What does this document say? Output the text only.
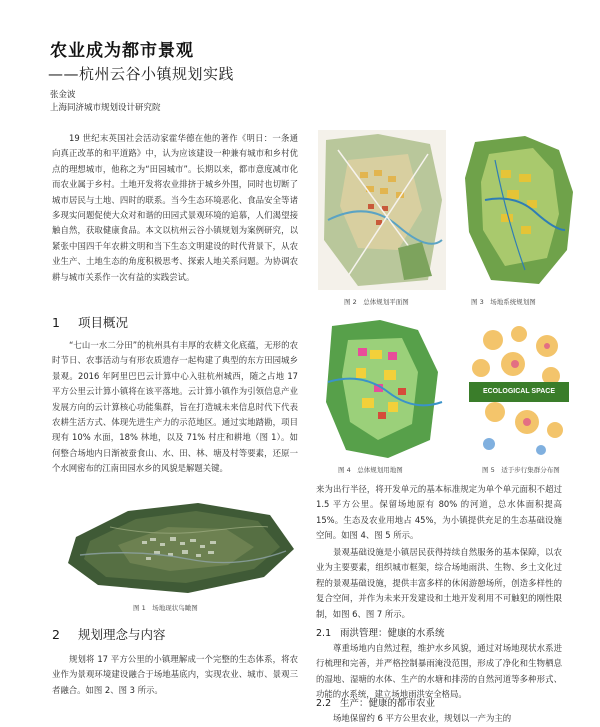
农业成为都市景观
——杭州云谷小镇规划实践
张金波
上海同济城市规划设计研究院
19 世纪末英国社会活动家霍华德在他的著作《明日：一条通向真正改革的和平道路》中，认为应该建设一种兼有城市和乡村优点的理想城市，他称之为“田园城市”。长期以来，都市意度减市化而农业属于乡村。土地开发将农业排挤于城乡外围，同时也切断了城市居民与土地、四时的联系。当今生态环境恶化、食品安全等诸多现实问题促使大众对和谐的田园式景观环境的追慕，人们渴望接触自然，获取健康食品。本文以杭州云谷小镇规划为案例研究，以紧张中国四千年农耕文明和当下生态文明建设的时代背景下，从农业生产、土地生态的角度积极思考、探索人地关系问题。为协调农耕与城市关系作一次有益的实践尝试。
1 项目概况
“七山一水二分田”的杭州具有丰厚的农耕文化底蕴，无形的农时节日、农事活动与有形农质遗存一起构建了典型的东方田园城乡景观。2016 年阿里巴巴云计算中心入驻杭州城西，随之占地 17 平方公里云计算小镇将在该平落地。云计算小镇作为引领信息产业发展方向的云计算核心功能集群，旨在打造城未来信息时代下代表农耕生活方式、体现先进生产力的示范地区。通过实地踏勘，项目现有 10% 水面，18% 林地，以及 71% 村庄和耕地（图 1）。如何整合场地内日渐被蚕食山、水、田、林、塘及村等要素，还原一个水网密布的江南田园水乡的风貌是解题关键。
图 1　场地现状鸟瞰图
2 规划理念与内容
规划将 17 平方公里的小镇理解成一个完整的生态体系，将农业作为景观环境建设融合于场地基底内，实现农业、城市、景观三者融合。如图 2、图 3 所示。
图 2　总体规划平面图	图 3　场地系统规划图
图 4　总体规划用地图
ECOLOGICAL SPACE
图 5　适于步行集群分布图
来为出行半径，将开发单元的基本标准规定为单个单元面积不超过 1.5 平方公里。保留场地原有 80% 的河道，总水体面积提高 15%。生态及农业用地占 45%，为小镇提供充足的生态基础设施空间。如图 4、图 5 所示。
景观基础设施是小镇居民获得持续自然服务的基本保障，以农业为主要要素，组织城市框架，综合场地雨洪、生物、乡土文化过程的景观基础设施，提供丰富多样的休闲游憩场所，创造多样性的复合空间，并作为未来开发建设和土地开发利用不可触犯的刚性限制，如图 6、图 7 所示。
2.1 雨洪管理：健康的水系统
尊重场地内自然过程，维护水乡风貌，通过对场地现状水系进行梳理和完善，并严格控制暴雨淹没范围，形成了净化和生物栖息的湿地、湿塘的水体、生产的水塘和排涝的自然河道等多种形式、功能的水系统，建立场地雨洪安全格局。
2.2 生产：健康的都市农业
场地保留约 6 平方公里农业，规划以一产为主的
